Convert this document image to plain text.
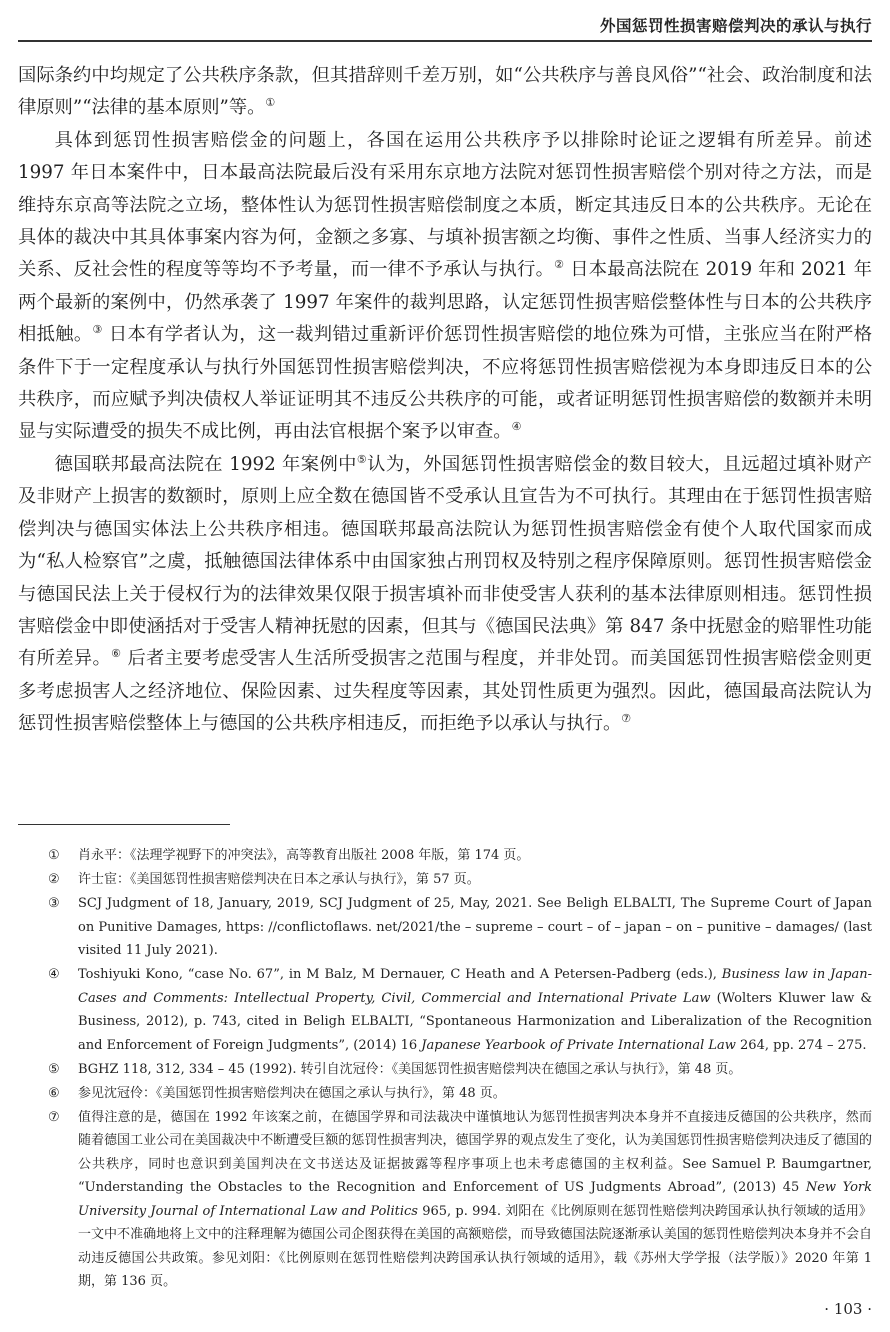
外国惩罚性损害赔偿判决的承认与执行

国际条约中均规定了公共秩序条款，但其措辞则千差万别，如“公共秩序与善良风俗”“社会、政治制度和法律原则”“法律的基本原则”等。①

具体到惩罚性损害赔偿金的问题上，各国在运用公共秩序予以排除时论证之逻辑有所差异。前述 1997 年日本案件中，日本最高法院最后没有采用东京地方法院对惩罚性损害赔偿个别对待之方法，而是维持东京高等法院之立场，整体性认为惩罚性损害赔偿制度之本质，断定其违反日本的公共秩序。无论在具体的裁决中其具体事案内容为何，金额之多寡、与填补损害额之均衡、事件之性质、当事人经济实力的关系、反社会性的程度等等均不予考量，而一律不予承认与执行。② 日本最高法院在 2019 年和 2021 年两个最新的案例中，仍然承袭了 1997 年案件的裁判思路，认定惩罚性损害赔偿整体性与日本的公共秩序相抵触。③ 日本有学者认为，这一裁判错过重新评价惩罚性损害赔偿的地位殊为可惜，主张应当在附严格条件下于一定程度承认与执行外国惩罚性损害赔偿判决，不应将惩罚性损害赔偿视为本身即违反日本的公共秩序，而应赋予判决债权人举证证明其不违反公共秩序的可能，或者证明惩罚性损害赔偿的数额并未明显与实际遭受的损失不成比例，再由法官根据个案予以审查。④

德国联邦最高法院在 1992 年案例中⑤认为，外国惩罚性损害赔偿金的数目较大，且远超过填补财产及非财产上损害的数额时，原则上应全数在德国皆不受承认且宣告为不可执行。其理由在于惩罚性损害赔偿判决与德国实体法上公共秩序相违。德国联邦最高法院认为惩罚性损害赔偿金有使个人取代国家而成为“私人检察官”之虞，抵触德国法律体系中由国家独占刑罚权及特别之程序保障原则。惩罚性损害赔偿金与德国民法上关于侵权行为的法律效果仅限于损害填补而非使受害人获利的基本法律原则相违。惩罚性损害赔偿金中即使涵括对于受害人精神抚慰的因素，但其与《德国民法典》第 847 条中抚慰金的赔罪性功能有所差异。⑥ 后者主要考虑受害人生活所受损害之范围与程度，并非处罚。而美国惩罚性损害赔偿金则更多考虑损害人之经济地位、保险因素、过失程度等因素，其处罚性质更为强烈。因此，德国最高法院认为惩罚性损害赔偿整体上与德国的公共秩序相违反，而拒绝予以承认与执行。⑦

① 肖永平：《法理学视野下的冲突法》，高等教育出版社 2008 年版，第 174 页。
② 许士宦：《美国惩罚性损害赔偿判决在日本之承认与执行》，第 57 页。
③ SCJ Judgment of 18, January, 2019, SCJ Judgment of 25, May, 2021. See Beligh ELBALTI, The Supreme Court of Japan on Punitive Damages, https: //conflictoflaws. net/2021/the – supreme – court – of – japan – on – punitive – damages/ (last visited 11 July 2021).
④ Toshiyuki Kono, “case No. 67”, in M Balz, M Dernauer, C Heath and A Petersen-Padberg (eds.), Business law in Japan-Cases and Comments: Intellectual Property, Civil, Commercial and International Private Law (Wolters Kluwer law & Business, 2012), p. 743, cited in Beligh ELBALTI, “Spontaneous Harmonization and Liberalization of the Recognition and Enforcement of Foreign Judgments”, (2014) 16 Japanese Yearbook of Private International Law 264, pp. 274 – 275.
⑤ BGHZ 118, 312, 334 – 45 (1992). 转引自沈冠伶：《美国惩罚性损害赔偿判决在德国之承认与执行》，第 48 页。
⑥ 参见沈冠伶：《美国惩罚性损害赔偿判决在德国之承认与执行》，第 48 页。
⑦ 值得注意的是，德国在 1992 年该案之前，在德国学界和司法裁决中谨慎地认为惩罚性损害判决本身并不直接违反德国的公共秩序，然而随着德国工业公司在美国裁决中不断遭受巨额的惩罚性损害判决，德国学界的观点发生了变化，认为美国惩罚性损害赔偿判决违反了德国的公共秩序，同时也意识到美国判决在文书送达及证据披露等程序事项上也未考虑德国的主权利益。See Samuel P. Baumgartner, “Understanding the Obstacles to the Recognition and Enforcement of US Judgments Abroad”, (2013) 45 New York University Journal of International Law and Politics 965, p. 994. 刘阳在《比例原则在惩罚性赔偿判决跨国承认执行领域的适用》一文中不准确地将上文中的注释理解为德国公司企图获得在美国的高额赔偿，而导致德国法院逐渐承认美国的惩罚性赔偿判决本身并不会自动违反德国公共政策。参见刘阳：《比例原则在惩罚性赔偿判决跨国承认执行领域的适用》，载《苏州大学学报（法学版）》2020 年第 1 期，第 136 页。
· 103 ·
